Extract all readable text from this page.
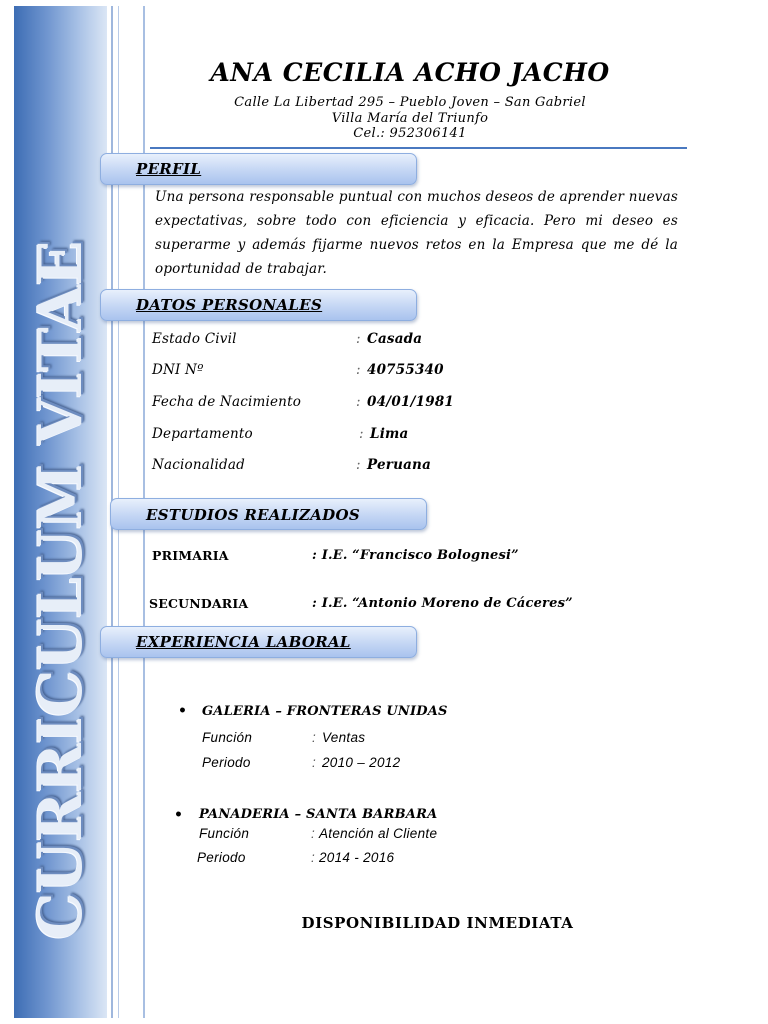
CURRICULUM VITAE
ANA CECILIA ACHO JACHO
Calle La Libertad 295 – Pueblo Joven – San Gabriel
Villa María del Triunfo
Cel.: 952306141
PERFIL
Una persona responsable puntual con muchos deseos de aprender nuevas expectativas, sobre todo con eficiencia y eficacia. Pero mi deseo es superarme y además fijarme nuevos retos en la Empresa que me dé la oportunidad de trabajar.
DATOS PERSONALES
Estado Civil	: Casada
DNI Nº	: 40755340
Fecha de Nacimiento	: 04/01/1981
Departamento	: Lima
Nacionalidad	: Peruana
ESTUDIOS REALIZADOS
PRIMARIA	: I.E. “Francisco Bolognesi”
SECUNDARIA	: I.E. “Antonio Moreno de Cáceres”
EXPERIENCIA LABORAL
• GALERIA – FRONTERAS UNIDAS
Función	: Ventas
Periodo	: 2010 – 2012
• PANADERIA – SANTA BARBARA
Función	: Atención al Cliente
Periodo	: 2014 - 2016
DISPONIBILIDAD INMEDIATA
